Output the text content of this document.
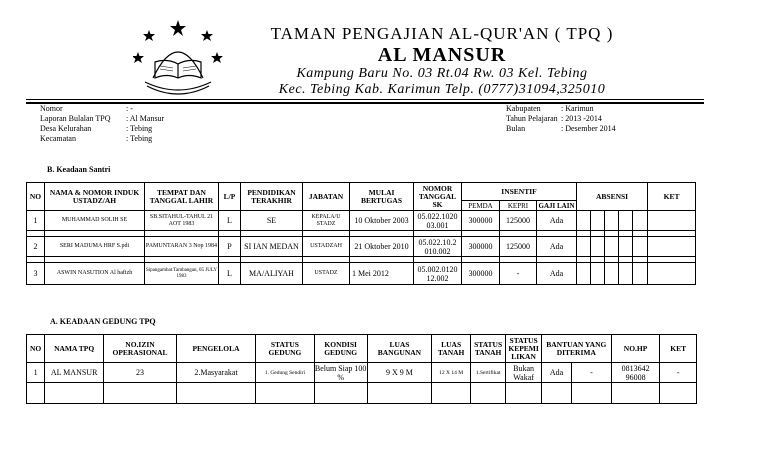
TAMAN PENGAJIAN AL-QUR'AN ( TPQ )
AL MANSUR
Kampung Baru No. 03 Rt.04 Rw. 03 Kel. Tebing
Kec. Tebing Kab. Karimun Telp. (0777)31094,325010
Nomor	: -
Laporan Bulalan TPQ	: Al Mansur
Desa Kelurahan	: Tebing
Kecamatan	: Tebing
Kabupaten	: Karimun
Tahun Pelajaran : 2013 -2014
Bulan	: Desember 2014
B. Keadaan Santri
NO	NAMA & NOMOR INDUK USTADZ/AH	TEMPAT DAN TANGGAL LAHIR	L/P	PENDIDIKAN TERAKHIR	JABATAN	MULAI BERTUGAS	NOMOR TANGGAL SK	INSENTIF			ABSENSI					KET
								PEMDA	KEPRI	GAJI LAIN						
1	MUHAMMAD SOLIH SE	SB.SITAHUL-TAHUL 21 AOT 1983	L	SE	KEPALA/U STADZ	10 Oktober 2003	05.022.1020 03.001	300000	125000	Ada						

2	SERI MADUMA HRF S.pdi	PAMUNTARAN 3 Nop 1984	P	SI IAN MEDAN	USTADZAH	21 Oktober 2010	05.022.10.2 010.002	300000	125000	Ada						

3	ASWIN NASUTION Al hafizh	Sipangambat Tambangan, 05 JULY 1983	L	MA/ALIYAH	USTADZ	1 Mei 2012	05.002.0120 12.002	300000	-	Ada						
A. KEADAAN GEDUNG TPQ
NO	NAMA TPQ	NO.IZIN OPERASIONAL	PENGELOLA	STATUS GEDUNG	KONDISI GEDUNG	LUAS BANGUNAN	LUAS TANAH	STATUS TANAH	STATUS KEPEMI LIKAN	BANTUAN YANG DITERIMA		NO.HP	KET
1	AL MANSUR	23	2.Masyarakat	1. Gedung Sendiri	Belum Siap 100 %	9 X 9 M	12 X 14 M	1.Sertifikat	Bukan Wakaf	Ada	-	0813642 96008	-
